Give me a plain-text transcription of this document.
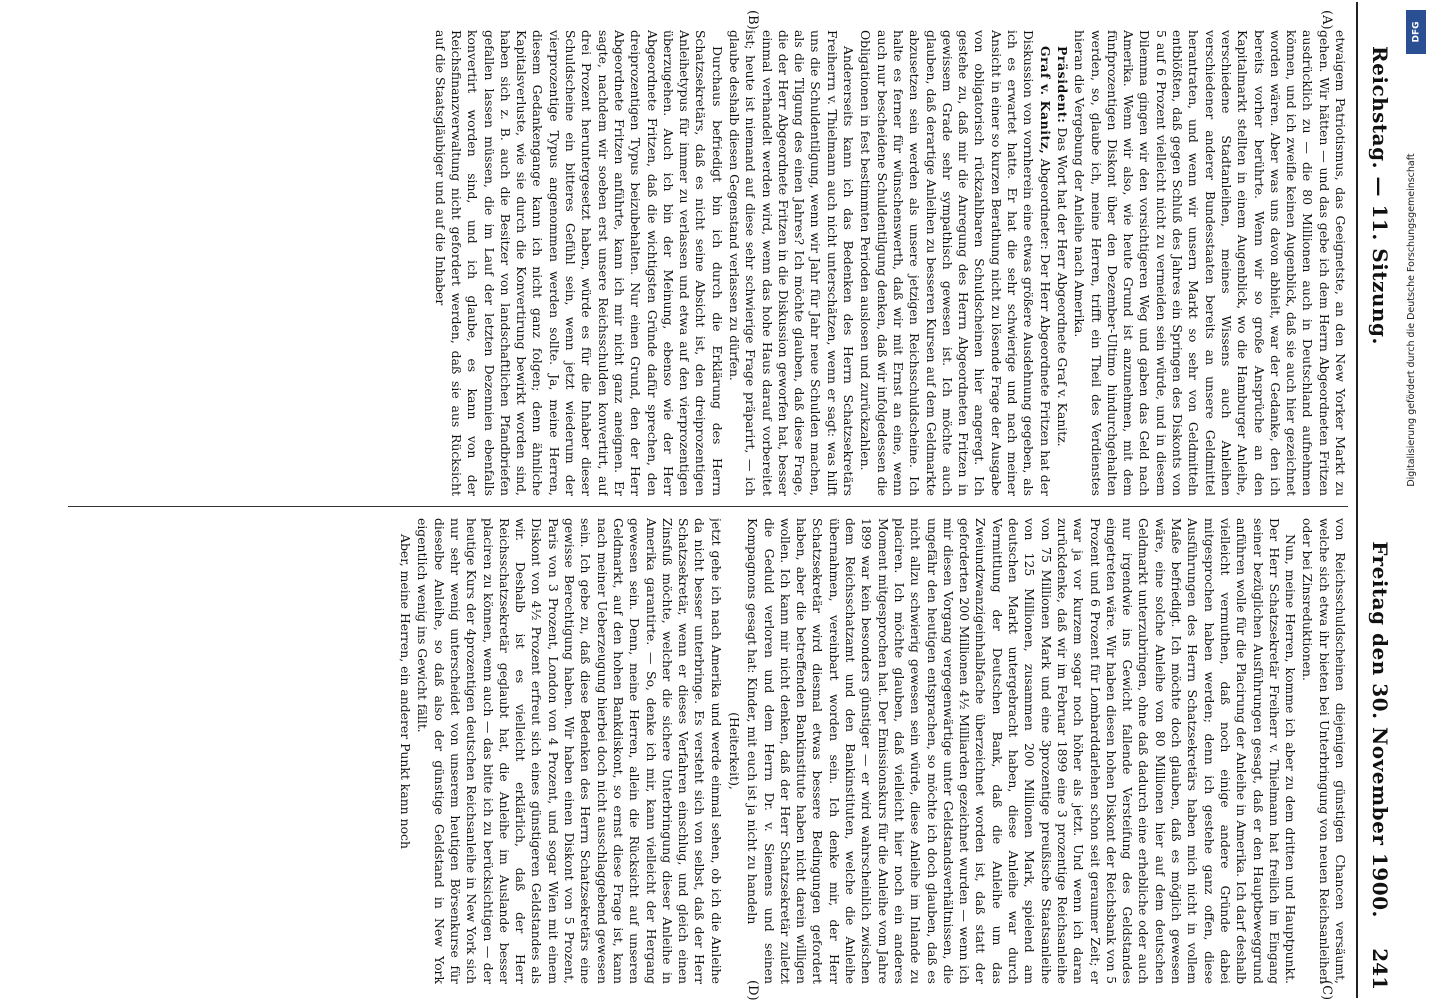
Reichstag. — 11. Sitzung.
Freitag den 30. November 1900.
241
(A)
(B)
(C)
(D)

etwaigem Patriotismus, das Geeignetste, an den New Yorker Markt zu gehen. Wir hätten — und das gebe ich dem Herrn Abgeordneten Fritzen ausdrücklich zu — die 80 Millionen auch in Deutschland aufnehmen können, und ich zweifle keinen Augenblick, daß sie auch hier gezeichnet worden wären. Aber was uns davon abhielt, war der Gedanke, den ich bereits vorher berührte. Wenn wir so große Ansprüche an den Kapitalmarkt stellten in einem Augenblick, wo die Hamburger Anleihe, verschiedene Stadtanleihen, meines Wissens auch Anleihen verschiedener anderer Bundesstaaten bereits an unsere Geldmittel herantraten, und wenn wir unsern Markt so sehr von Geldmitteln entblößten, daß gegen Schluß des Jahres ein Springen des Diskonts von 5 auf 6 Prozent vielleicht nicht zu vermeiden sein würde, und in diesem Dilemma gingen wir den vorsichtigeren Weg und gaben das Geld nach Amerika. Wenn wir also, wie heute Grund ist anzunehmen, mit dem fünfprozentigen Diskont über den Dezember-Ultimo hindurchgehalten werden, so, glaube ich, meine Herren, trifft ein Theil des Verdienstes hieran die Vergebung der Anleihe nach Amerika.

Präsident: Das Wort hat der Herr Abgeordnete Graf v. Kanitz.

Graf v. Kanitz, Abgeordneter: Der Herr Abgeordnete Fritzen hat der Diskussion von vornherein eine etwas größere Ausdehnung gegeben, als ich es erwartet hatte. Er hat die sehr schwierige und nach meiner Ansicht in einer so kurzen Berathung nicht zu lösende Frage der Ausgabe von obligatorisch rückzahlbaren Schuldscheinen hier angeregt. Ich gestehe zu, daß mir die Anregung des Herrn Abgeordneten Fritzen in gewissem Grade sehr sympathisch gewesen ist. Ich möchte auch glauben, daß derartige Anleihen zu besseren Kursen auf dem Geldmarkte abzusetzen sein werden als unsere jetzigen Reichsschuldscheine. Ich halte es ferner für wünschenswerth, daß wir mit Ernst an eine, wenn auch nur bescheidene Schuldentilgung denken, daß wir infolgedessen die Obligationen in fest bestimmten Perioden auslosen und zurückzahlen.

Andererseits kann ich das Bedenken des Herrn Schatzsekretärs Freiherrn v. Thielmann auch nicht unterschätzen, wenn er sagt: was hilft uns die Schuldentilgung, wenn wir Jahr für Jahr neue Schulden machen, als die Tilgung des einen Jahres? Ich möchte glauben, daß diese Frage, die der Herr Abgeordnete Fritzen in die Diskussion geworfen hat, besser einmal verhandelt werden wird, wenn das hohe Haus darauf vorbereitet ist; heute ist niemand auf diese sehr schwierige Frage präparirt, — ich glaube deshalb diesen Gegenstand verlassen zu dürfen.

Durchaus befriedigt bin ich durch die Erklärung des Herrn Schatzsekretärs, daß es nicht seine Absicht ist, den dreiprozentigen Anleihetypus für immer zu verlassen und etwa auf den vierprozentigen überzugehen. Auch ich bin der Meinung, ebenso wie der Herr Abgeordnete Fritzen, daß die wichtigsten Gründe dafür sprechen, den dreiprozentigen Typus beizubehalten. Nur einen Grund, den der Herr Abgeordnete Fritzen anführte, kann ich mir nicht ganz aneignen. Er sagte, nachdem wir soeben erst unsere Reichsschulden konvertirt, auf drei Prozent heruntergesetzt haben, würde es für die Inhaber dieser Schuldscheine ein bitteres Gefühl sein, wenn jetzt wiederum der vierprozentige Typus angenommen werden sollte. Ja, meine Herren, diesem Gedankengange kann ich nicht ganz folgen; denn ähnliche Kapitalsverluste, wie sie durch die Konvertirung bewirkt worden sind, haben sich z. B. auch die Besitzer von landschaftlichen Pfandbriefen gefallen lassen müssen, die im Lauf der letzten Dezennien ebenfalls konvertirt worden sind, und ich glaube, es kann von der Reichsfinanzverwaltung nicht gefordert werden, daß sie aus Rücksicht auf die Staatsgläubiger und auf die Inhaber

von Reichsschuldscheinen diejenigen günstigen Chancen versäumt, welche sich etwa ihr bieten bei Unterbringung von neuen Reichsanleihen oder bei Zinsreduktionen.

Nun, meine Herren, komme ich aber zu dem dritten und Hauptpunkt. Der Herr Schatzsekretär Freiherr v. Thielmann hat freilich im Eingang seiner bezüglichen Ausführungen gesagt, daß er den Hauptbeweggrund anführen wolle für die Placirung der Anleihe in Amerika. Ich darf deshalb vielleicht vermuthen, daß noch einige andere Gründe dabei mitgesprochen haben werden; denn ich gestehe ganz offen, diese Ausführungen des Herrn Schatzsekretärs haben mich nicht in vollem Maße befriedigt. Ich möchte doch glauben, daß es möglich gewesen wäre, eine solche Anleihe von 80 Millionen hier auf dem deutschen Geldmarkt unterzubringen, ohne daß dadurch eine erhebliche oder auch nur irgendwie ins Gewicht fallende Versteifung des Geldstandes eingetreten wäre. Wir haben diesen hohen Diskont der Reichsbank von 5 Prozent und 6 Prozent für Lombarddarlehen schon seit geraumer Zeit; er war ja vor kurzem sogar noch höher als jetzt. Und wenn ich daran zurückdenke, daß wir im Februar 1899 eine 3 prozentige Reichsanleihe von 75 Millionen Mark und eine 3prozentige preußische Staatsanleihe von 125 Millionen, zusammen 200 Millionen Mark, spielend am deutschen Markt untergebracht haben, diese Anleihe war durch Vermittlung der Deutschen Bank, daß die Anleihe um das Zweiundzwanzigeinhalbfache überzeichnet worden ist, daß statt der geforderten 200 Millionen 4½ Milliarden gezeichnet wurden — wenn ich mir diesen Vorgang vergegenwärtige unter Geldstandsverhältnissen, die ungefähr den heutigen entsprachen, so möchte ich doch glauben, daß es nicht allzu schwierig gewesen sein würde, diese Anleihe im Inlande zu placiren. Ich möchte glauben, daß vielleicht hier noch ein anderes Moment mitgesprochen hat. Der Emissionskurs für die Anleihe vom Jahre 1899 war kein besonders günstiger — er wird wahrscheinlich zwischen dem Reichsschatzamt und den Bankinstituten, welche die Anleihe übernahmen, vereinbart worden sein. Ich denke mir, der Herr Schatzsekretär wird diesmal etwas bessere Bedingungen gefordert haben, aber die betreffenden Bankinstitute haben nicht darein willigen wollen. Ich kann mir nicht denken, daß der Herr Schatzsekretär zuletzt die Geduld verloren und dem Herrn Dr. v. Siemens und seinen Kompagnons gesagt hat: Kinder, mit euch ist ja nicht zu handeln

(Heiterkeit),

jetzt gehe ich nach Amerika und werde einmal sehen, ob ich die Anleihe da nicht besser unterbringe. Es versteht sich von selbst, daß der Herr Schatzsekretär, wenn er dieses Verfahren einschlug, und gleich einen Zinsfuß möchte, welcher die sichere Unterbringung dieser Anleihe in Amerika garantirte. — So, denke ich mir, kann vielleicht der Hergang gewesen sein. Denn, meine Herren, allein die Rücksicht auf unseren Geldmarkt, auf den hohen Bankdiskont, so ernst diese Frage ist, kann nach meiner Ueberzeugung hierbei doch nicht ausschlaggebend gewesen sein. Ich gebe zu, daß diese Bedenken des Herrn Schatzsekretärs eine gewisse Berechtigung haben. Wir haben einen Diskont von 5 Prozent, Paris von 3 Prozent, London von 4 Prozent, und sogar Wien mit einem Diskont von 4½ Prozent erfreut sich eines günstigeren Geldstandes als wir. Deshalb ist es vielleicht erklärlich, daß der Herr Reichsschatzsekretär geglaubt hat, die Anleihe im Auslande besser placiren zu können, wenn auch — das bitte ich zu berücksichtigen — der heutige Kurs der 4prozentigen deutschen Reichsanleihe in New York sich nur sehr wenig unterscheidet von unserem heutigen Börsenkurse für dieselbe Anleihe, so daß also der günstige Geldstand in New York eigentlich wenig ins Gewicht fällt.

Aber, meine Herren, ein anderer Punkt kann noch

DFG
Digitalisierung gefördert durch die Deutsche Forschungsgemeinschaft
